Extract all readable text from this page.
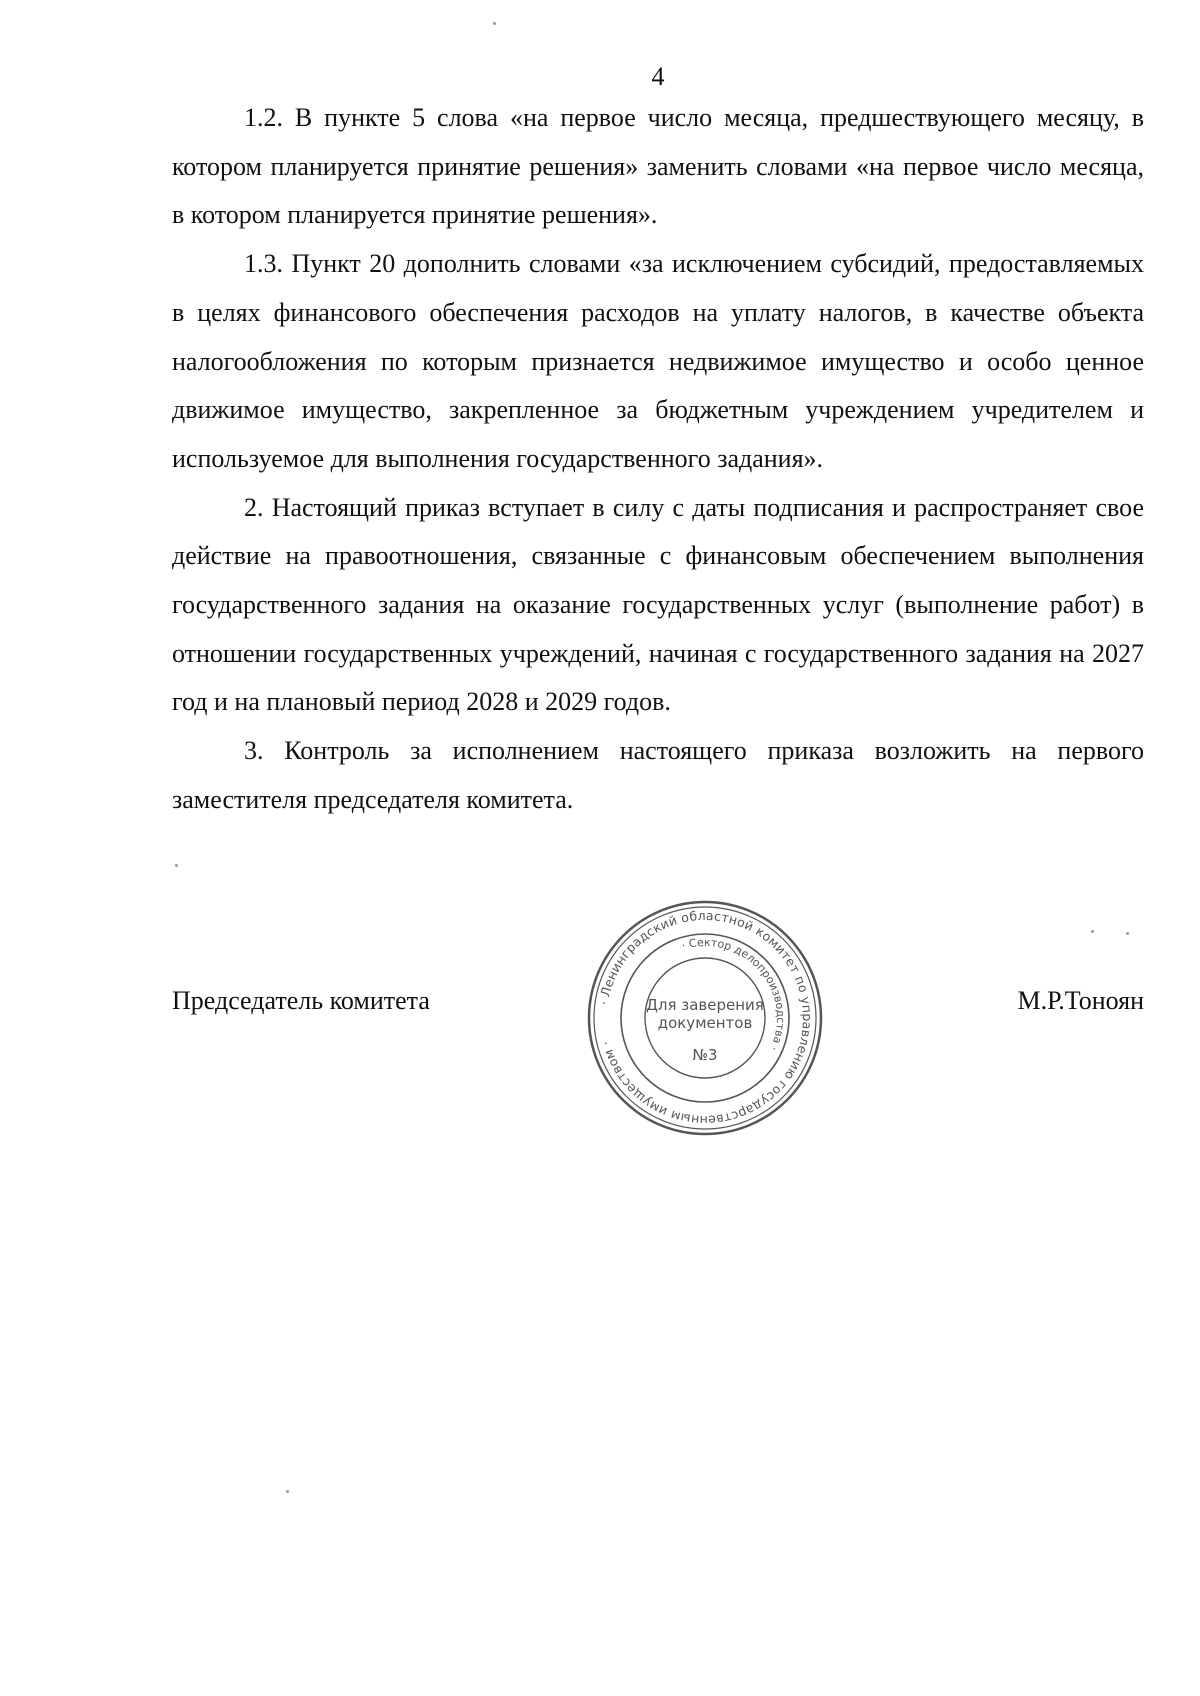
4

1.2. В пункте 5 слова «на первое число месяца, предшествующего месяцу, в котором планируется принятие решения» заменить словами «на первое число месяца, в котором планируется принятие решения».

1.3. Пункт 20 дополнить словами «за исключением субсидий, предоставляемых в целях финансового обеспечения расходов на уплату налогов, в качестве объекта налогообложения по которым признается недвижимое имущество и особо ценное движимое имущество, закрепленное за бюджетным учреждением учредителем и используемое для выполнения государственного задания».

2. Настоящий приказ вступает в силу с даты подписания и распространяет свое действие на правоотношения, связанные с финансовым обеспечением выполнения государственного задания на оказание государственных услуг (выполнение работ) в отношении государственных учреждений, начиная с государственного задания на 2027 год и на плановый период 2028 и 2029 годов.

3. Контроль за исполнением настоящего приказа возложить на первого заместителя председателя комитета.

Председатель комитета	М.Р.Тоноян
· Ленинградский областной комитет по управлению государственным имуществом ·
· Сектор делопроизводства ·
Для заверения
документов
№3
